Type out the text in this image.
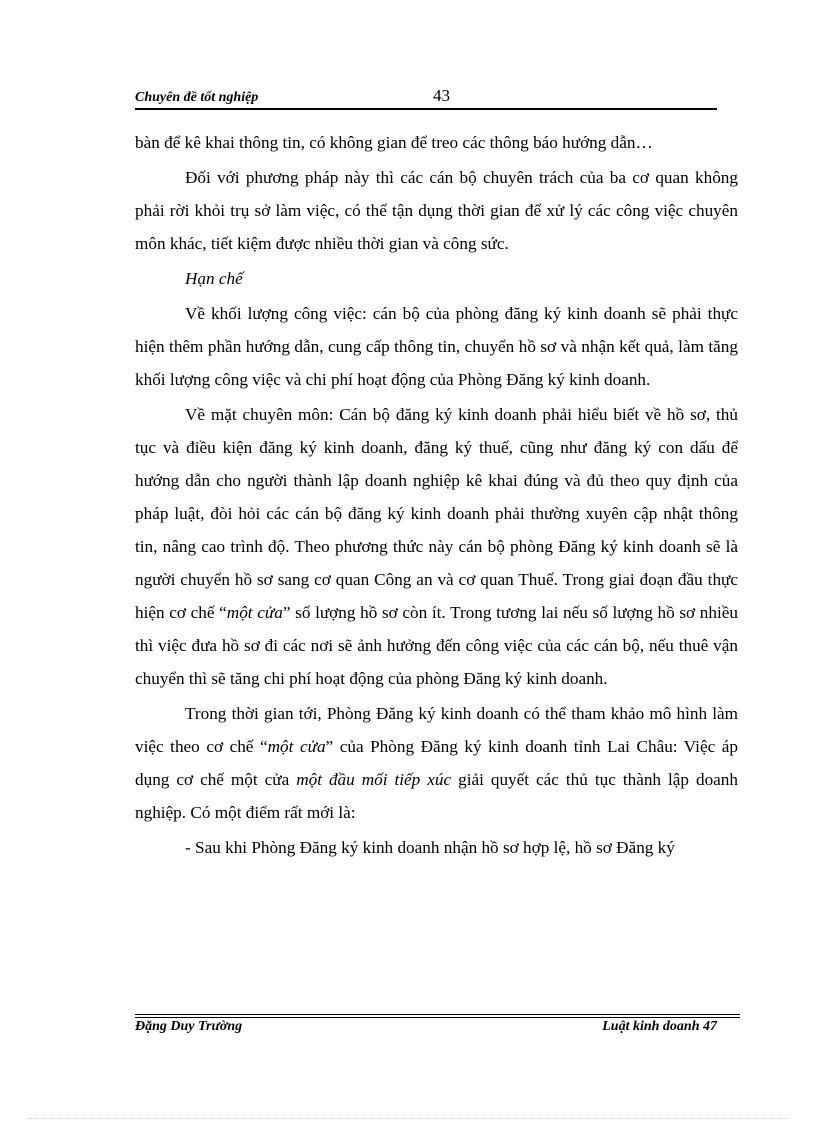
Chuyên đề tốt nghiệp	43

bàn để kê khai thông tin, có không gian để treo các thông báo hướng dẫn…

Đối với phương pháp này thì các cán bộ chuyên trách của ba cơ quan không phải rời khỏi trụ sở làm việc, có thể tận dụng thời gian để xử lý các công việc chuyên môn khác, tiết kiệm được nhiều thời gian và công sức.

Hạn chế

Về khối lượng công việc: cán bộ của phòng đăng ký kinh doanh sẽ phải thực hiện thêm phần hướng dẫn, cung cấp thông tin, chuyển hồ sơ và nhận kết quả, làm tăng khối lượng công việc và chi phí hoạt động của Phòng Đăng ký kinh doanh.

Về mặt chuyên môn: Cán bộ đăng ký kinh doanh phải hiểu biết về hồ sơ, thủ tục và điều kiện đăng ký kinh doanh, đăng ký thuế, cũng như đăng ký con dấu để hướng dẫn cho người thành lập doanh nghiệp kê khai đúng và đủ theo quy định của pháp luật, đòi hỏi các cán bộ đăng ký kinh doanh phải thường xuyên cập nhật thông tin, nâng cao trình độ. Theo phương thức này cán bộ phòng Đăng ký kinh doanh sẽ là người chuyển hồ sơ sang cơ quan Công an và cơ quan Thuế. Trong giai đoạn đầu thực hiện cơ chế “một cửa” số lượng hồ sơ còn ít. Trong tương lai nếu số lượng hồ sơ nhiều thì việc đưa hồ sơ đi các nơi sẽ ảnh hưởng đến công việc của các cán bộ, nếu thuê vận chuyển thì sẽ tăng chi phí hoạt động của phòng Đăng ký kinh doanh.

Trong thời gian tới, Phòng Đăng ký kinh doanh có thể tham khảo mô hình làm việc theo cơ chế “một cửa” của Phòng Đăng ký kinh doanh tỉnh Lai Châu: Việc áp dụng cơ chế một cửa một đầu mối tiếp xúc giải quyết các thủ tục thành lập doanh nghiệp. Có một điểm rất mới là:

- Sau khi Phòng Đăng ký kinh doanh nhận hồ sơ hợp lệ, hồ sơ Đăng ký

Đặng Duy Trường	Luật kinh doanh 47
